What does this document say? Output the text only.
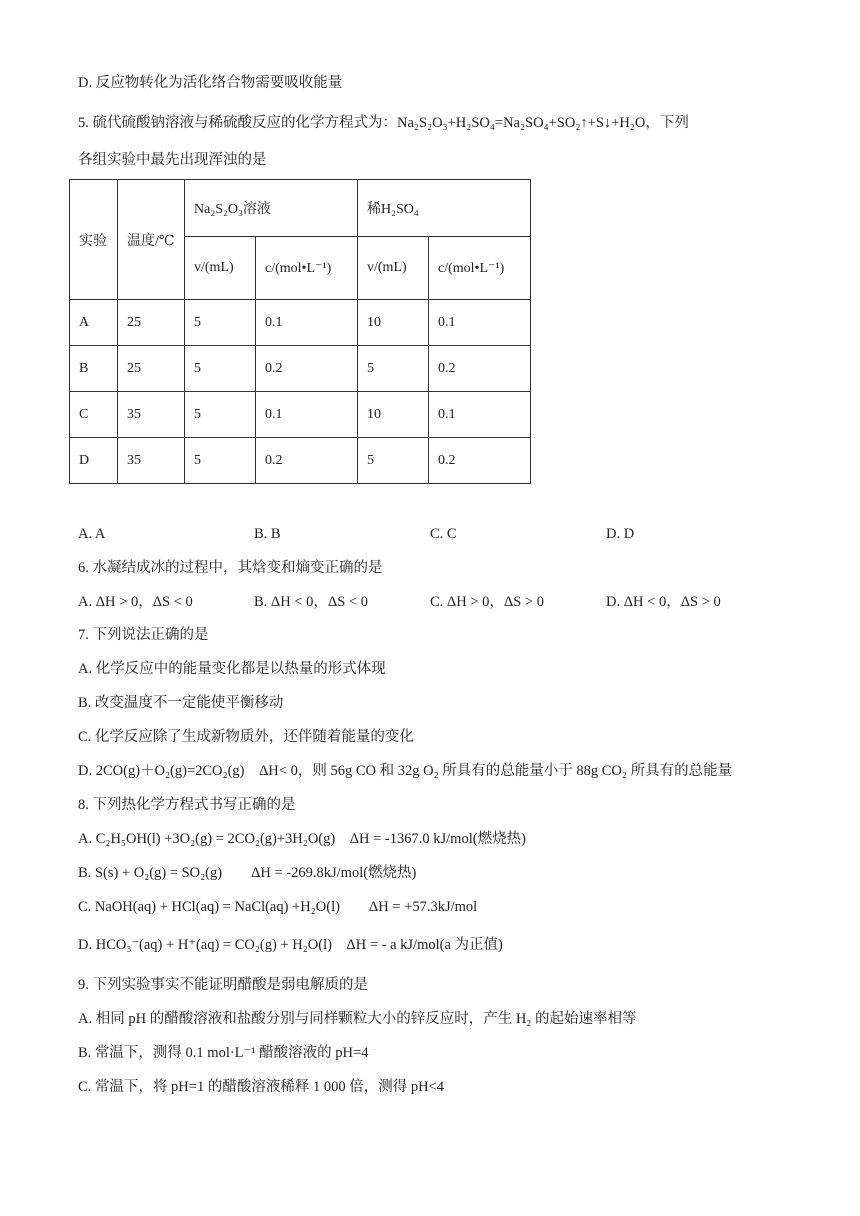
D. 反应物转化为活化络合物需要吸收能量
5. 硫代硫酸钠溶液与稀硫酸反应的化学方程式为：Na₂S₂O₃+H₂SO₄=Na₂SO₄+SO₂↑+S↓+H₂O，下列
各组实验中最先出现浑浊的是
实验	温度/℃	Na₂S₂O₃溶液		稀H₂SO₄	
		v/(mL)	c/(mol•L⁻¹)	v/(mL)	c/(mol•L⁻¹)
A	25	5	0.1	10	0.1
B	25	5	0.2	5	0.2
C	35	5	0.1	10	0.1
D	35	5	0.2	5	0.2
A. A	B. B	C. C	D. D
6. 水凝结成冰的过程中，其焓变和熵变正确的是
A. ΔH > 0，ΔS < 0	B. ΔH < 0，ΔS < 0	C. ΔH > 0，ΔS > 0	D. ΔH < 0，ΔS > 0
7. 下列说法正确的是
A. 化学反应中的能量变化都是以热量的形式体现
B. 改变温度不一定能使平衡移动
C. 化学反应除了生成新物质外，还伴随着能量的变化
D. 2CO(g)＋O₂(g)=2CO₂(g)　ΔH< 0，则 56g CO 和 32g O₂ 所具有的总能量小于 88g CO₂ 所具有的总能量
8. 下列热化学方程式书写正确的是
A. C₂H₅OH(l) +3O₂(g) = 2CO₂(g)+3H₂O(g)　ΔH = -1367.0 kJ/mol(燃烧热)
B. S(s) + O₂(g) = SO₂(g)　　ΔH = -269.8kJ/mol(燃烧热)
C. NaOH(aq) + HCl(aq) = NaCl(aq) +H₂O(l)　　ΔH = +57.3kJ/mol
D. HCO₃⁻(aq) + H⁺(aq) = CO₂(g) + H₂O(l)　ΔH = - a kJ/mol(a 为正值)
9. 下列实验事实不能证明醋酸是弱电解质的是
A. 相同 pH 的醋酸溶液和盐酸分别与同样颗粒大小的锌反应时，产生 H₂ 的起始速率相等
B. 常温下，测得 0.1 mol·L⁻¹ 醋酸溶液的 pH=4
C. 常温下，将 pH=1 的醋酸溶液稀释 1 000 倍，测得 pH<4
